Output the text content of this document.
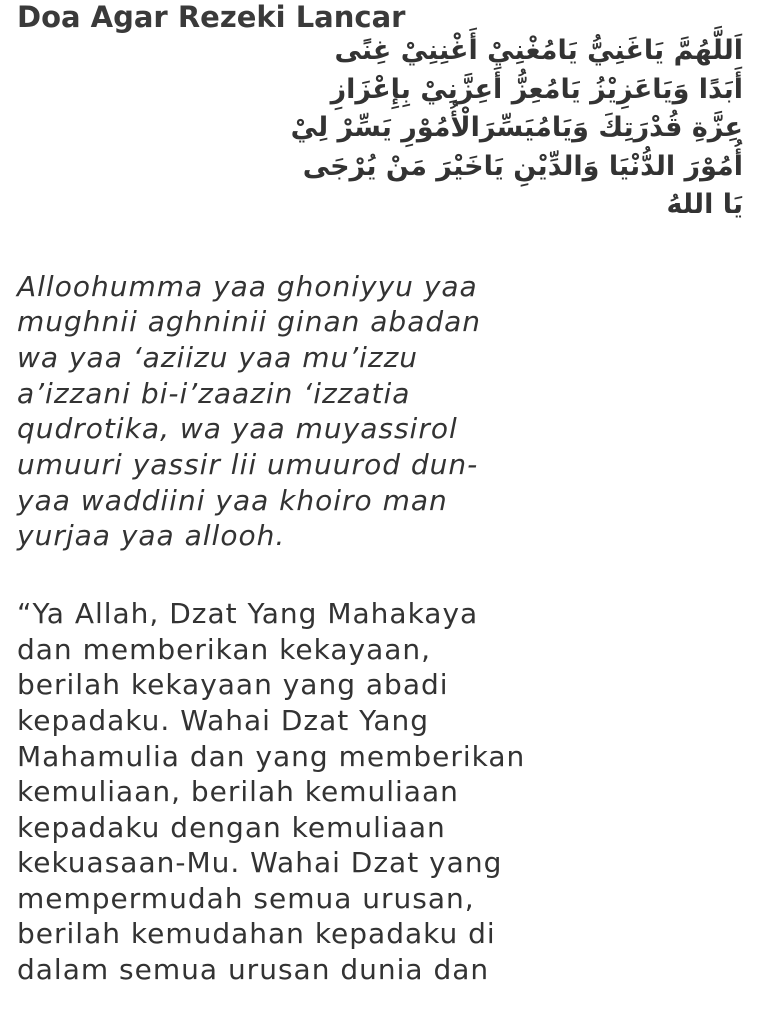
Doa Agar Rezeki Lancar
اَللَّهُمَّ يَاغَنِيُّ يَامُغْنِيْ أَغْنِنِيْ غِنًى
أَبَدًا وَيَاعَزِيْزُ يَامُعِزُّ أَعِزَّنِيْ بِإِعْزَازِ
عِزَّةِ قُدْرَتِكَ وَيَامُيَسِّرَالْأُمُوْرِ يَسِّرْ لِيْ
أُمُوْرَ الدُّنْيَا وَالدِّيْنِ يَاخَيْرَ مَنْ يُرْجَى
يَا اللهُ
Alloohumma yaa ghoniyyu yaa
mughnii aghninii ginan abadan
wa yaa ‘aziizu yaa mu’izzu
a’izzani bi-i’zaazin ‘izzatia
qudrotika, wa yaa muyassirol
umuuri yassir lii umuurod dun-
yaa waddiini yaa khoiro man
yurjaa yaa allooh.
“Ya Allah, Dzat Yang Mahakaya
dan memberikan kekayaan,
berilah kekayaan yang abadi
kepadaku. Wahai Dzat Yang
Mahamulia dan yang memberikan
kemuliaan, berilah kemuliaan
kepadaku dengan kemuliaan
kekuasaan-Mu. Wahai Dzat yang
mempermudah semua urusan,
berilah kemudahan kepadaku di
dalam semua urusan dunia dan
